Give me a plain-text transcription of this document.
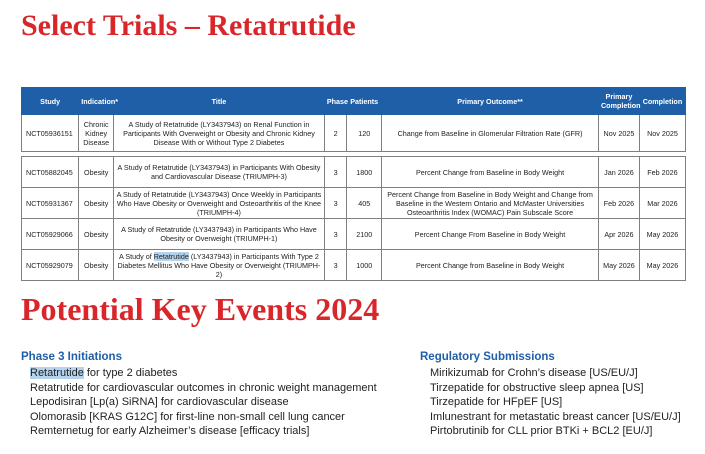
Select Trials – Retatrutide
Study	Indication*	Title	Phase	Patients	Primary Outcome**	Primary Completion	Completion
NCT05936151	Chronic Kidney Disease	A Study of Retatrutide (LY3437943) on Renal Function in Participants With Overweight or Obesity and Chronic Kidney Disease With or Without Type 2 Diabetes	2	120	Change from Baseline in Glomerular Filtration Rate (GFR)	Nov 2025	Nov 2025

NCT05882045	Obesity	A Study of Retatrutide (LY3437943) in Participants With Obesity and Cardiovascular Disease (TRIUMPH-3)	3	1800	Percent Change from Baseline in Body Weight	Jan 2026	Feb 2026
NCT05931367	Obesity	A Study of Retatrutide (LY3437943) Once Weekly in Participants Who Have Obesity or Overweight and Osteoarthritis of the Knee (TRIUMPH-4)	3	405	Percent Change from Baseline in Body Weight and Change from Baseline in the Western Ontario and McMaster Universities Osteoarthritis Index (WOMAC) Pain Subscale Score	Feb 2026	Mar 2026
NCT05929066	Obesity	A Study of Retatrutide (LY3437943) in Participants Who Have Obesity or Overweight (TRIUMPH-1)	3	2100	Percent Change From Baseline in Body Weight	Apr 2026	May 2026
NCT05929079	Obesity	A Study of Retatrutide (LY3437943) in Participants With Type 2 Diabetes Mellitus Who Have Obesity or Overweight (TRIUMPH-2)	3	1000	Percent Change from Baseline in Body Weight	May 2026	May 2026
Potential Key Events 2024
Phase 3 Initiations
Retatrutide for type 2 diabetes
Retatrutide for cardiovascular outcomes in chronic weight management
Lepodisiran [Lp(a) SiRNA] for cardiovascular disease
Olomorasib [KRAS G12C] for first-line non-small cell lung cancer
Remternetug for early Alzheimer’s disease [efficacy trials]
Regulatory Submissions
Mirikizumab for Crohn’s disease [US/EU/J]
Tirzepatide for obstructive sleep apnea [US]
Tirzepatide for HFpEF [US]
Imlunestrant for metastatic breast cancer [US/EU/J]
Pirtobrutinib for CLL prior BTKi + BCL2 [EU/J]
